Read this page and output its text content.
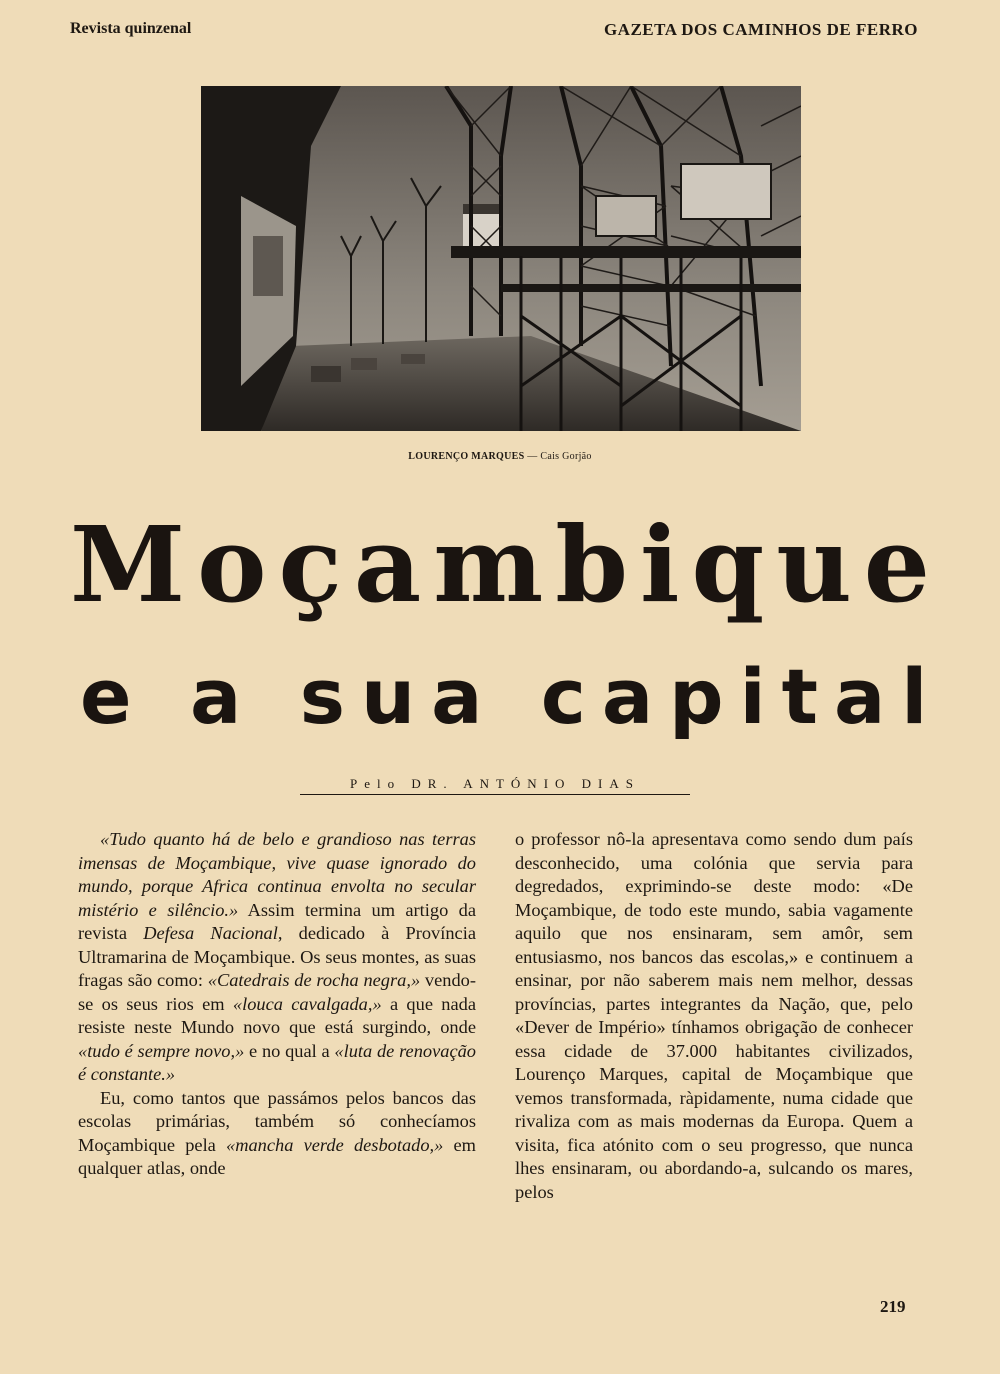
Revista quinzenal	GAZETA DOS CAMINHOS DE FERRO
LOURENÇO MARQUES — Cais Gorjão
Moçambique
e a sua capital
Pelo DR. ANTÓNIO DIAS

«Tudo quanto há de belo e grandioso nas terras imensas de Moçambique, vive quase ignorado do mundo, porque Africa continua envolta no secular mistério e silêncio.» Assim termina um artigo da revista Defesa Nacional, dedicado à Província Ultramarina de Moçambique. Os seus montes, as suas fragas são como: «Catedrais de rocha negra,» vendo-se os seus rios em «louca cavalgada,» a que nada resiste neste Mundo novo que está surgindo, onde «tudo é sempre novo,» e no qual a «luta de renovação é constante.»

Eu, como tantos que passámos pelos bancos das escolas primárias, também só conhecíamos Moçambique pela «mancha verde desbotado,» em qualquer atlas, onde

o professor nô-la apresentava como sendo dum país desconhecido, uma colónia que servia para degredados, exprimindo-se deste modo: «De Moçambique, de todo este mundo, sabia vagamente aquilo que nos ensinaram, sem amôr, sem entusiasmo, nos bancos das escolas,» e continuem a ensinar, por não saberem mais nem melhor, dessas províncias, partes integrantes da Nação, que, pelo «Dever de Império» tínhamos obrigação de conhecer essa cidade de 37.000 habitantes civilizados, Lourenço Marques, capital de Moçambique que vemos transformada, ràpidamente, numa cidade que rivaliza com as mais modernas da Europa. Quem a visita, fica atónito com o seu progresso, que nunca lhes ensinaram, ou abordando-a, sulcando os mares, pelos

219
